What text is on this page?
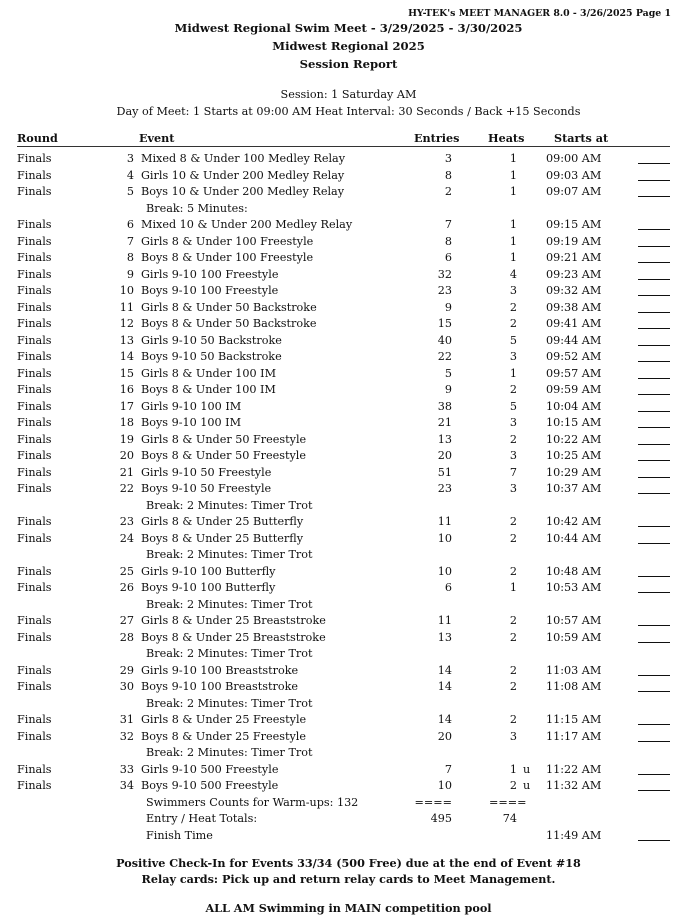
HY-TEK's MEET MANAGER 8.0 - 3/26/2025 Page 1
Midwest Regional Swim Meet - 3/29/2025 - 3/30/2025
Midwest Regional 2025
Session Report
Session: 1 Saturday AM
Day of Meet: 1 Starts at 09:00 AM Heat Interval: 30 Seconds / Back +15 Seconds
Round	Event	Entries	Heats	Starts at
Finals	3 Mixed 8 & Under 100 Medley Relay	3	1	09:00 AM
Finals	4 Girls 10 & Under 200 Medley Relay	8	1	09:03 AM
Finals	5 Boys 10 & Under 200 Medley Relay	2	1	09:07 AM
Break: 5 Minutes:
Finals	6 Mixed 10 & Under 200 Medley Relay	7	1	09:15 AM
Finals	7 Girls 8 & Under 100 Freestyle	8	1	09:19 AM
Finals	8 Boys 8 & Under 100 Freestyle	6	1	09:21 AM
Finals	9 Girls 9-10 100 Freestyle	32	4	09:23 AM
Finals	10 Boys 9-10 100 Freestyle	23	3	09:32 AM
Finals	11 Girls 8 & Under 50 Backstroke	9	2	09:38 AM
Finals	12 Boys 8 & Under 50 Backstroke	15	2	09:41 AM
Finals	13 Girls 9-10 50 Backstroke	40	5	09:44 AM
Finals	14 Boys 9-10 50 Backstroke	22	3	09:52 AM
Finals	15 Girls 8 & Under 100 IM	5	1	09:57 AM
Finals	16 Boys 8 & Under 100 IM	9	2	09:59 AM
Finals	17 Girls 9-10 100 IM	38	5	10:04 AM
Finals	18 Boys 9-10 100 IM	21	3	10:15 AM
Finals	19 Girls 8 & Under 50 Freestyle	13	2	10:22 AM
Finals	20 Boys 8 & Under 50 Freestyle	20	3	10:25 AM
Finals	21 Girls 9-10 50 Freestyle	51	7	10:29 AM
Finals	22 Boys 9-10 50 Freestyle	23	3	10:37 AM
Break: 2 Minutes: Timer Trot
Finals	23 Girls 8 & Under 25 Butterfly	11	2	10:42 AM
Finals	24 Boys 8 & Under 25 Butterfly	10	2	10:44 AM
Break: 2 Minutes: Timer Trot
Finals	25 Girls 9-10 100 Butterfly	10	2	10:48 AM
Finals	26 Boys 9-10 100 Butterfly	6	1	10:53 AM
Break: 2 Minutes: Timer Trot
Finals	27 Girls 8 & Under 25 Breaststroke	11	2	10:57 AM
Finals	28 Boys 8 & Under 25 Breaststroke	13	2	10:59 AM
Break: 2 Minutes: Timer Trot
Finals	29 Girls 9-10 100 Breaststroke	14	2	11:03 AM
Finals	30 Boys 9-10 100 Breaststroke	14	2	11:08 AM
Break: 2 Minutes: Timer Trot
Finals	31 Girls 8 & Under 25 Freestyle	14	2	11:15 AM
Finals	32 Boys 8 & Under 25 Freestyle	20	3	11:17 AM
Break: 2 Minutes: Timer Trot
Finals	33 Girls 9-10 500 Freestyle	7	1 u 11:22 AM
Finals	34 Boys 9-10 500 Freestyle	10	2 u 11:32 AM
Swimmers Counts for Warm-ups: 132	====	====
Entry / Heat Totals:	495	74
Finish Time	11:49 AM
Positive Check-In for Events 33/34 (500 Free) due at the end of Event #18
Relay cards: Pick up and return relay cards to Meet Management.
ALL AM Swimming in MAIN competition pool
